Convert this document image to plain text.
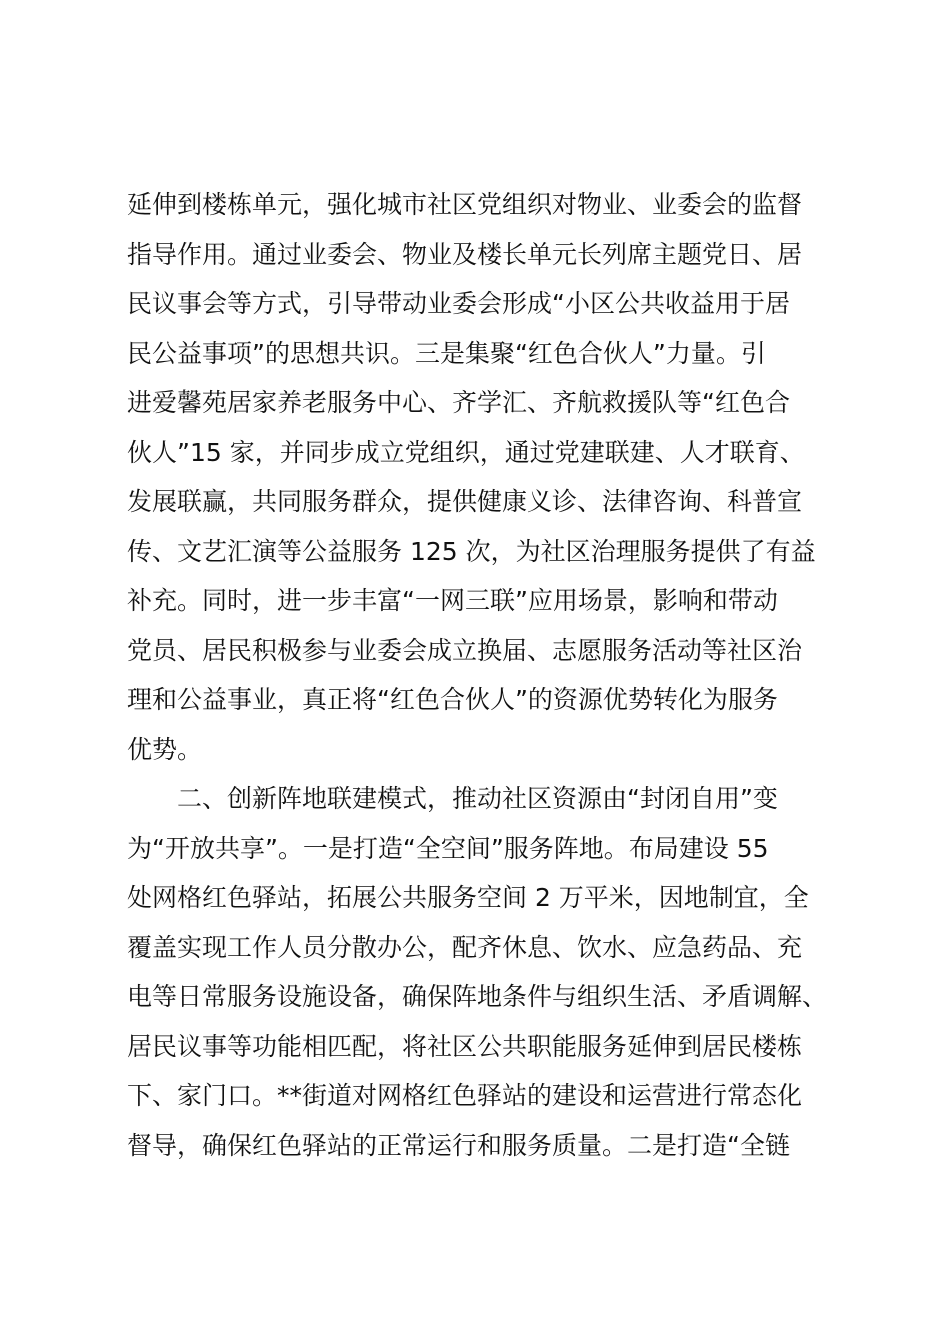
延伸到楼栋单元，强化城市社区党组织对物业、业委会的监督
指导作用。通过业委会、物业及楼长单元长列席主题党日、居
民议事会等方式，引导带动业委会形成“小区公共收益用于居
民公益事项”的思想共识。三是集聚“红色合伙人”力量。引
进爱馨苑居家养老服务中心、齐学汇、齐航救援队等“红色合
伙人”15 家，并同步成立党组织，通过党建联建、人才联育、
发展联赢，共同服务群众，提供健康义诊、法律咨询、科普宣
传、文艺汇演等公益服务 125 次，为社区治理服务提供了有益
补充。同时，进一步丰富“一网三联”应用场景，影响和带动
党员、居民积极参与业委会成立换届、志愿服务活动等社区治
理和公益事业，真正将“红色合伙人”的资源优势转化为服务
优势。
　　二、创新阵地联建模式，推动社区资源由“封闭自用”变
为“开放共享”。一是打造“全空间”服务阵地。布局建设 55
处网格红色驿站，拓展公共服务空间 2 万平米，因地制宜，全
覆盖实现工作人员分散办公，配齐休息、饮水、应急药品、充
电等日常服务设施设备，确保阵地条件与组织生活、矛盾调解、
居民议事等功能相匹配，将社区公共职能服务延伸到居民楼栋
下、家门口。**街道对网格红色驿站的建设和运营进行常态化
督导，确保红色驿站的正常运行和服务质量。二是打造“全链
